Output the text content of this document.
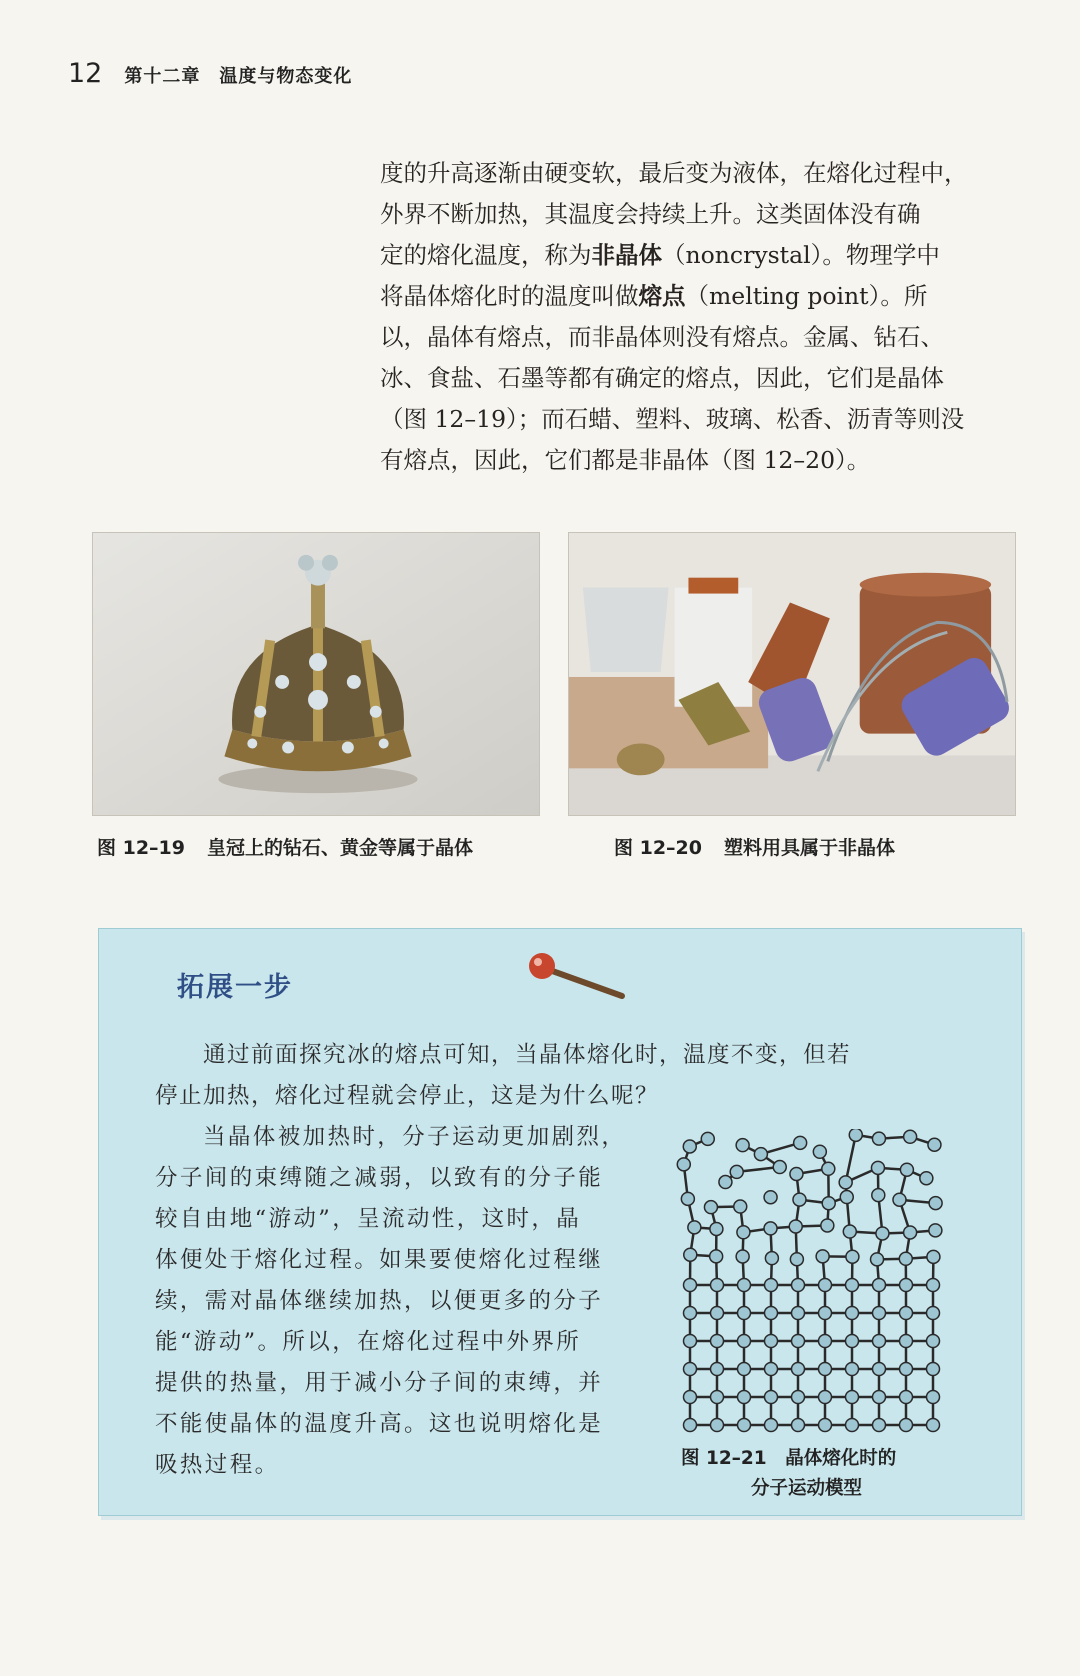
12 第十二章　温度与物态变化

度的升高逐渐由硬变软，最后变为液体，在熔化过程中，
外界不断加热，其温度会持续上升。这类固体没有确
定的熔化温度，称为非晶体（noncrystal）。物理学中
将晶体熔化时的温度叫做熔点（melting point）。所
以，晶体有熔点，而非晶体则没有熔点。金属、钻石、
冰、食盐、石墨等都有确定的熔点，因此，它们是晶体
（图 12–19）；而石蜡、塑料、玻璃、松香、沥青等则没
有熔点，因此，它们都是非晶体（图 12–20）。

图 12–19 皇冠上的钻石、黄金等属于晶体	图 12–20 塑料用具属于非晶体
拓展一步
通过前面探究冰的熔点可知，当晶体熔化时，温度不变，但若
停止加热，熔化过程就会停止，这是为什么呢？
当晶体被加热时，分子运动更加剧烈，
分子间的束缚随之减弱，以致有的分子能
较自由地“游动”，呈流动性，这时，晶
体便处于熔化过程。如果要使熔化过程继
续，需对晶体继续加热，以便更多的分子
能“游动”。所以，在熔化过程中外界所
提供的热量，用于减小分子间的束缚，并
不能使晶体的温度升高。这也说明熔化是
吸热过程。	图 12–21　 晶体熔化时的
分子运动模型
